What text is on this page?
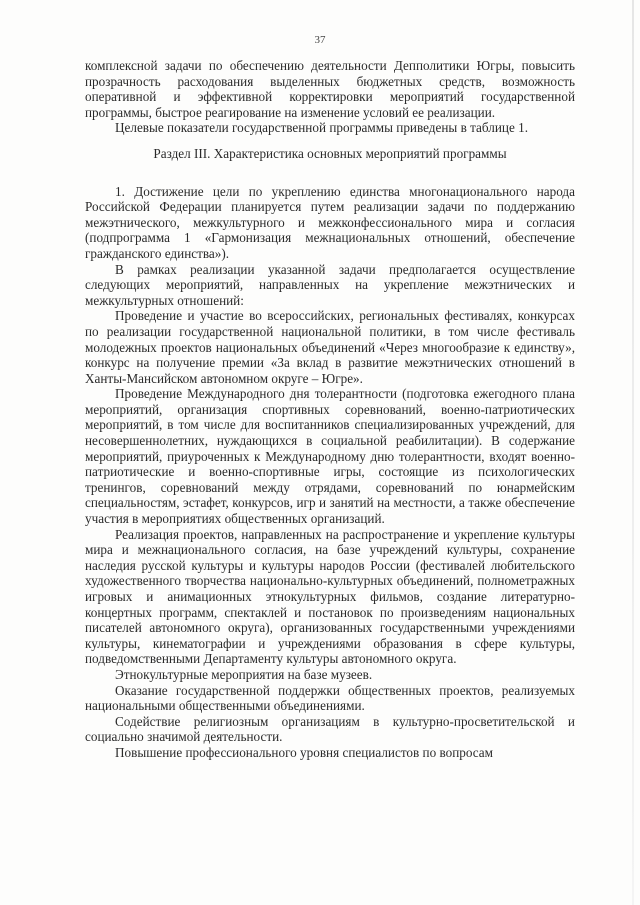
37

комплексной задачи по обеспечению деятельности Депполитики Югры, повысить прозрачность расходования выделенных бюджетных средств, возможность оперативной и эффективной корректировки мероприятий государственной программы, быстрое реагирование на изменение условий ее реализации.

Целевые показатели государственной программы приведены в таблице 1.

Раздел III. Характеристика основных мероприятий программы

1. Достижение цели по укреплению единства многонационального народа Российской Федерации планируется путем реализации задачи по поддержанию межэтнического, межкультурного и межконфессионального мира и согласия (подпрограмма 1 «Гармонизация межнациональных отношений, обеспечение гражданского единства»).

В рамках реализации указанной задачи предполагается осуществление следующих мероприятий, направленных на укрепление межэтнических и межкультурных отношений:

Проведение и участие во всероссийских, региональных фестивалях, конкурсах по реализации государственной национальной политики, в том числе фестиваль молодежных проектов национальных объединений «Через многообразие к единству», конкурс на получение премии «За вклад в развитие межэтнических отношений в Ханты-Мансийском автономном округе – Югре».

Проведение Международного дня толерантности (подготовка ежегодного плана мероприятий, организация спортивных соревнований, военно-патриотических мероприятий, в том числе для воспитанников специализированных учреждений, для несовершеннолетних, нуждающихся в социальной реабилитации). В содержание мероприятий, приуроченных к Международному дню толерантности, входят военно-патриотические и военно-спортивные игры, состоящие из психологических тренингов, соревнований между отрядами, соревнований по юнармейским специальностям, эстафет, конкурсов, игр и занятий на местности, а также обеспечение участия в мероприятиях общественных организаций.

Реализация проектов, направленных на распространение и укрепление культуры мира и межнационального согласия, на базе учреждений культуры, сохранение наследия русской культуры и культуры народов России (фестивалей любительского художественного творчества национально-культурных объединений, полнометражных игровых и анимационных этнокультурных фильмов, создание литературно-концертных программ, спектаклей и постановок по произведениям национальных писателей автономного округа), организованных государственными учреждениями культуры, кинематографии и учреждениями образования в сфере культуры, подведомственными Департаменту культуры автономного округа.

Этнокультурные мероприятия на базе музеев.

Оказание государственной поддержки общественных проектов, реализуемых национальными общественными объединениями.

Содействие религиозным организациям в культурно-просветительской и социально значимой деятельности.

Повышение профессионального уровня специалистов по вопросам
